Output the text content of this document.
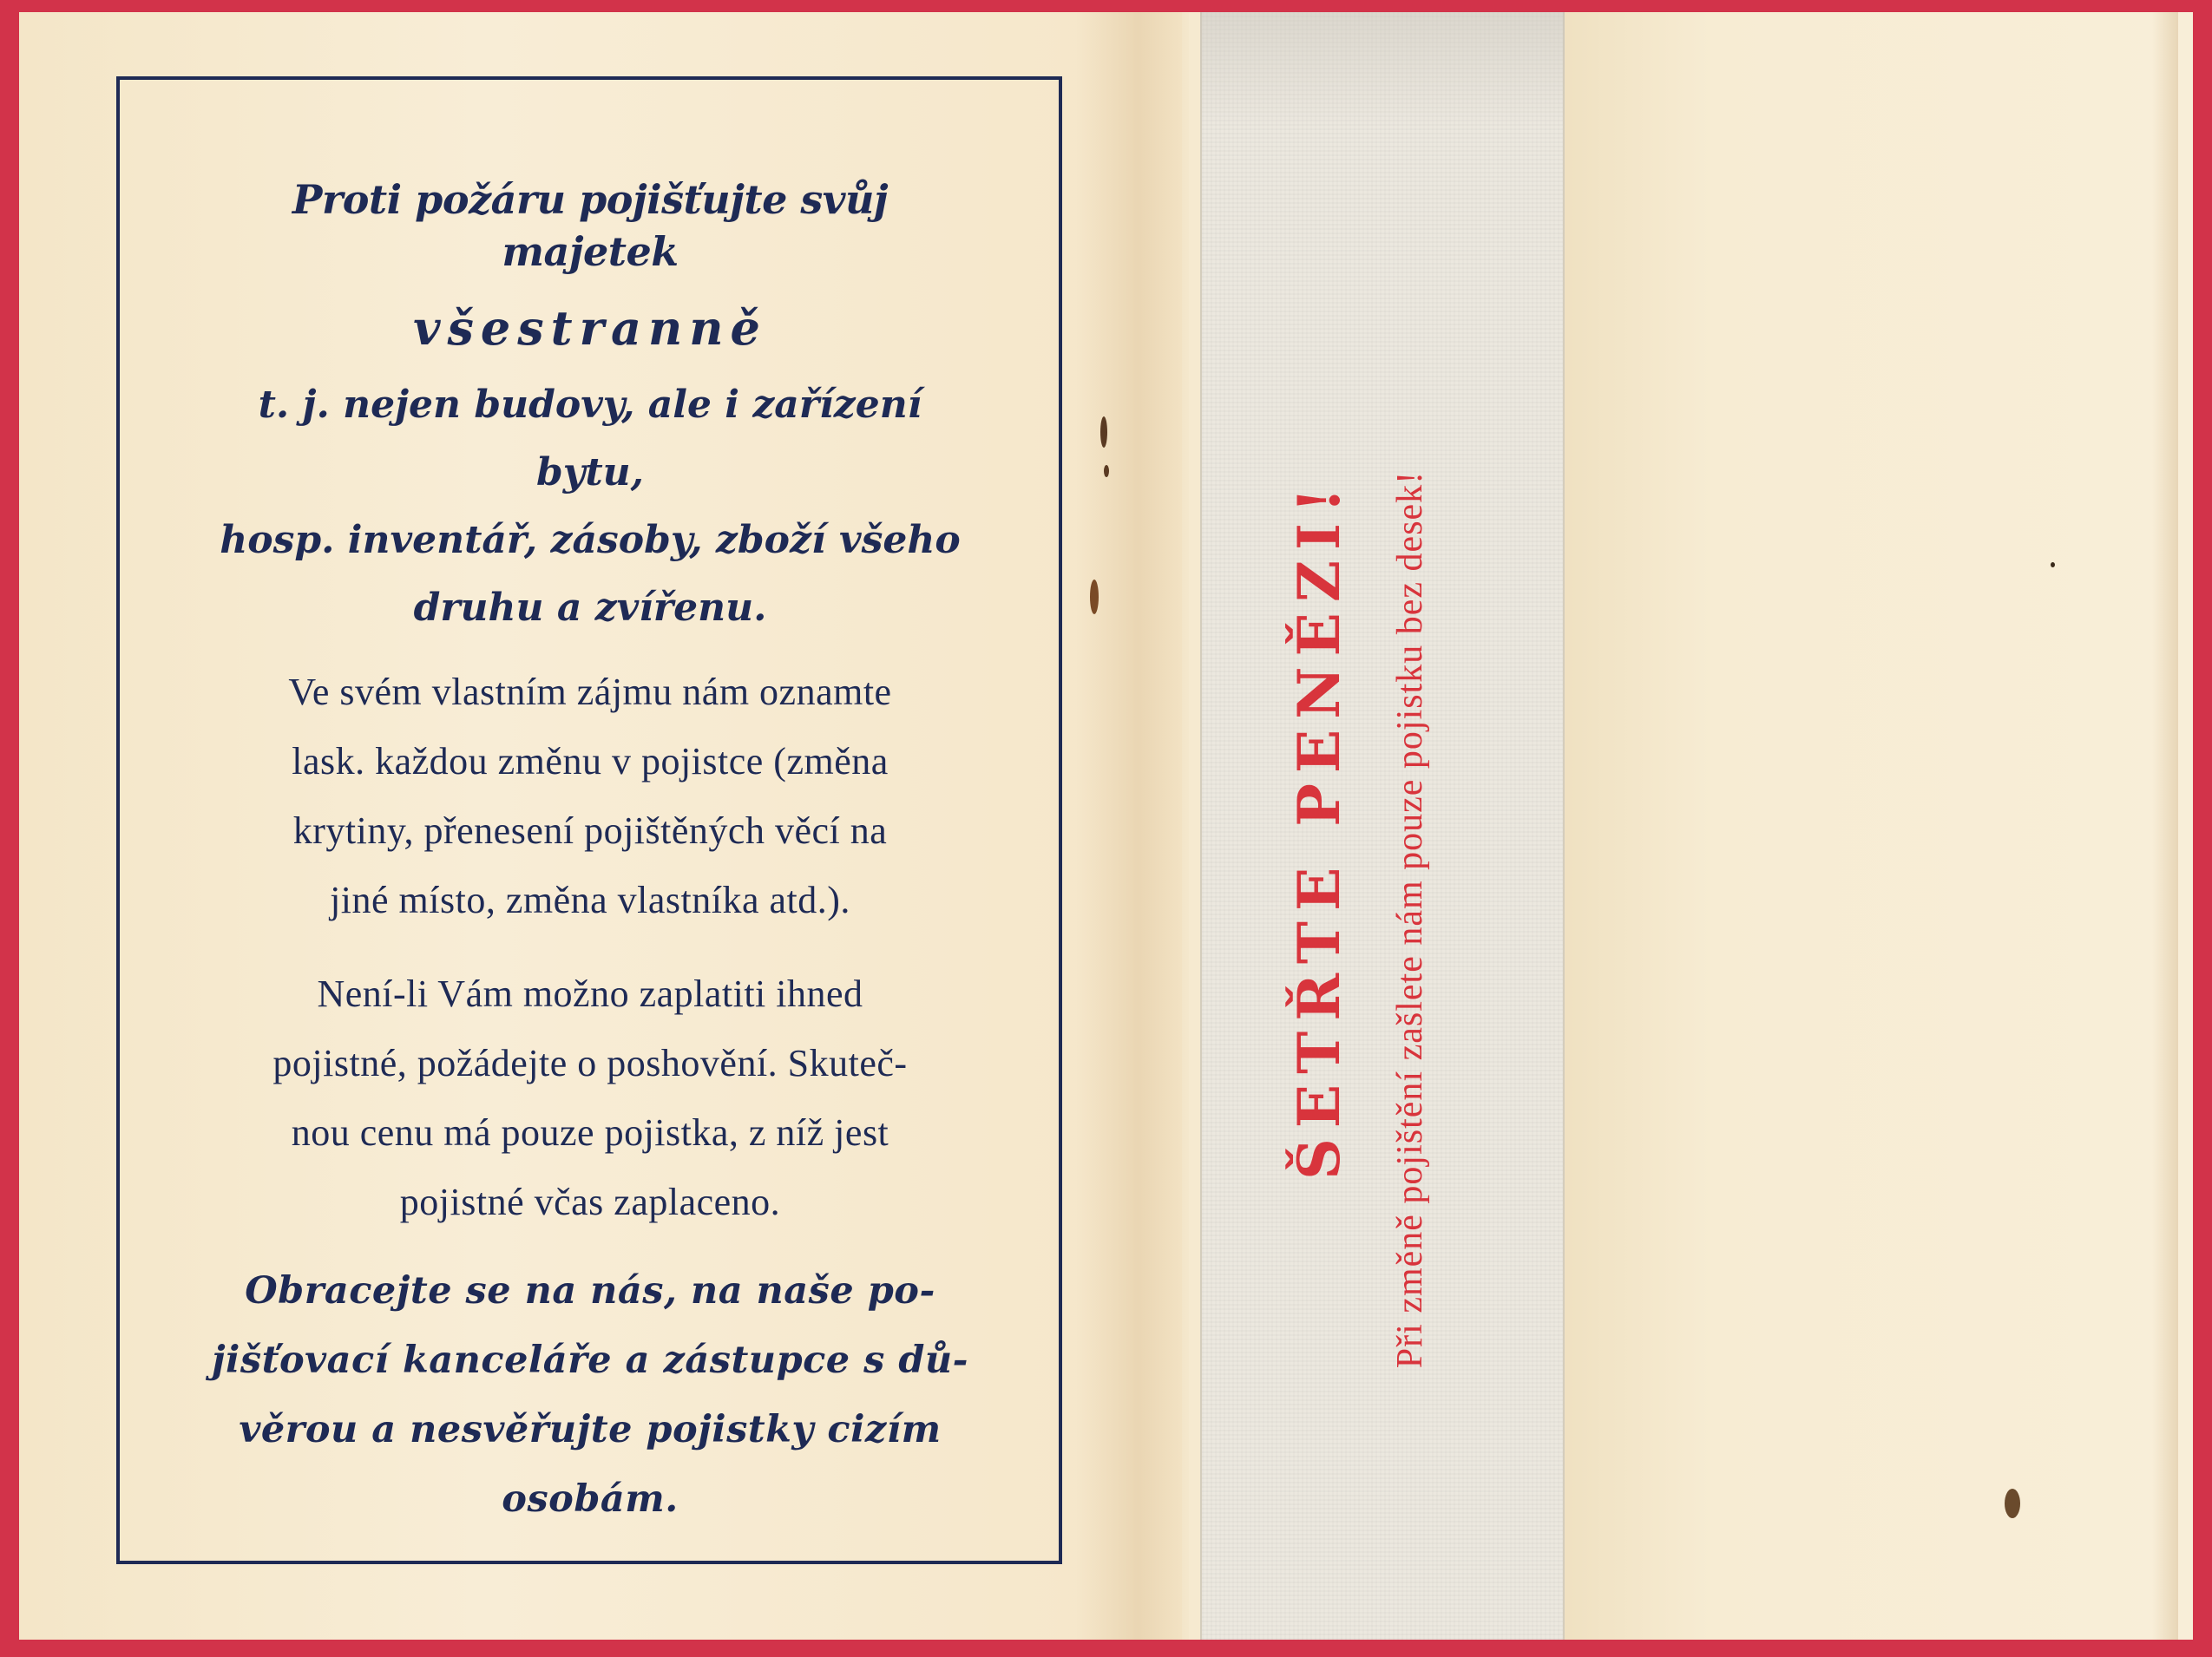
Proti požáru pojišťujte svůj majetek

všestranně

t. j. nejen budovy, ale i zařízení bytu,
hosp. inventář, zásoby, zboží všeho
druhu a zvířenu.

Ve svém vlastním zájmu nám oznamte
lask. každou změnu v pojistce (změna
krytiny, přenesení pojištěných věcí na
jiné místo, změna vlastníka atd.).

Není-li Vám možno zaplatiti ihned
pojistné, požádejte o poshovění. Skuteč-
nou cenu má pouze pojistka, z níž jest
pojistné včas zaplaceno.

Obracejte se na nás, na naše po-
jišťovací kanceláře a zástupce s dů-
věrou a nesvěřujte pojistky cizím
osobám.

ŠETŘTE PENĚZI! Při změně pojištění zašlete nám pouze pojistku bez desek!
